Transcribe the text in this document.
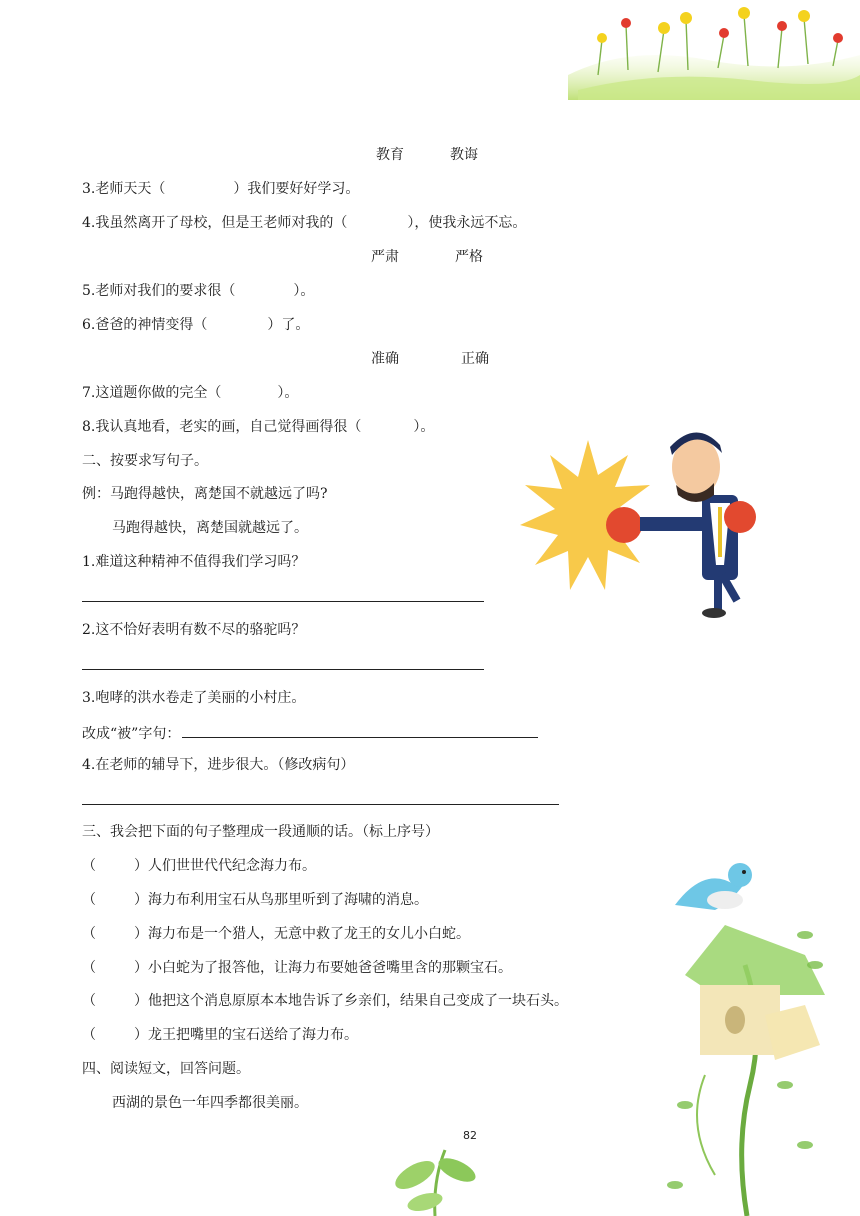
教育	教诲
3.老师天天（	）我们要好好学习。
4.我虽然离开了母校，但是王老师对我的（	），使我永远不忘。
严肃	严格
5.老师对我们的要求很（	）。
6.爸爸的神情变得（	）了。
准确	正确
7.这道题你做的完全（	）。
8.我认真地看，老实的画，自己觉得画得很（	）。
二、按要求写句子。
例：马跑得越快，离楚国不就越远了吗?
马跑得越快，离楚国就越远了。
1.难道这种精神不值得我们学习吗？
2.这不恰好表明有数不尽的骆驼吗？
3.咆哮的洪水卷走了美丽的小村庄。
改成“被”字句：
4.在老师的辅导下，进步很大。（修改病句）
三、我会把下面的句子整理成一段通顺的话。（标上序号）
（	）人们世世代代纪念海力布。
（	）海力布利用宝石从鸟那里听到了海啸的消息。
（	）海力布是一个猎人，无意中救了龙王的女儿小白蛇。
（	）小白蛇为了报答他，让海力布要她爸爸嘴里含的那颗宝石。
（	）他把这个消息原原本本地告诉了乡亲们，结果自己变成了一块石头。
（	）龙王把嘴里的宝石送给了海力布。
四、阅读短文，回答问题。
西湖的景色一年四季都很美丽。
82
